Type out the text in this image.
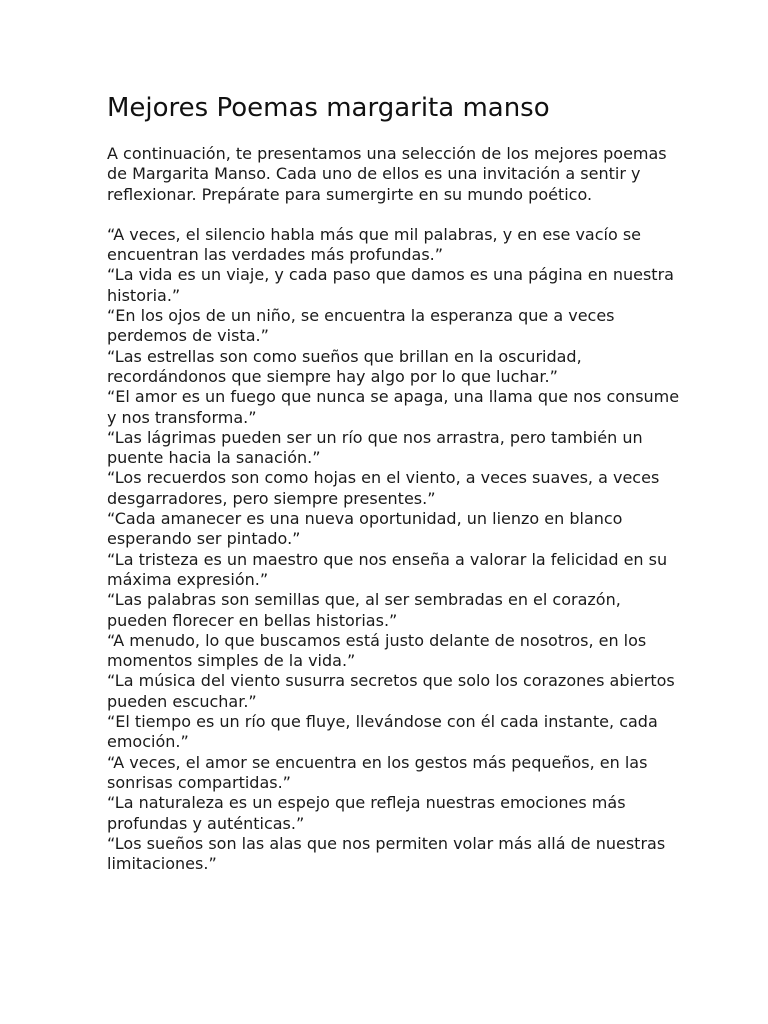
Mejores Poemas margarita manso

A continuación, te presentamos una selección de los mejores poemas de Margarita Manso. Cada uno de ellos es una invitación a sentir y reflexionar. Prepárate para sumergirte en su mundo poético.

“A veces, el silencio habla más que mil palabras, y en ese vacío se encuentran las verdades más profundas.”
“La vida es un viaje, y cada paso que damos es una página en nuestra historia.”
“En los ojos de un niño, se encuentra la esperanza que a veces perdemos de vista.”
“Las estrellas son como sueños que brillan en la oscuridad, recordándonos que siempre hay algo por lo que luchar.”
“El amor es un fuego que nunca se apaga, una llama que nos consume y nos transforma.”
“Las lágrimas pueden ser un río que nos arrastra, pero también un puente hacia la sanación.”
“Los recuerdos son como hojas en el viento, a veces suaves, a veces desgarradores, pero siempre presentes.”
“Cada amanecer es una nueva oportunidad, un lienzo en blanco esperando ser pintado.”
“La tristeza es un maestro que nos enseña a valorar la felicidad en su máxima expresión.”
“Las palabras son semillas que, al ser sembradas en el corazón, pueden florecer en bellas historias.”
“A menudo, lo que buscamos está justo delante de nosotros, en los momentos simples de la vida.”
“La música del viento susurra secretos que solo los corazones abiertos pueden escuchar.”
“El tiempo es un río que fluye, llevándose con él cada instante, cada emoción.”
“A veces, el amor se encuentra en los gestos más pequeños, en las sonrisas compartidas.”
“La naturaleza es un espejo que refleja nuestras emociones más profundas y auténticas.”
“Los sueños son las alas que nos permiten volar más allá de nuestras limitaciones.”
